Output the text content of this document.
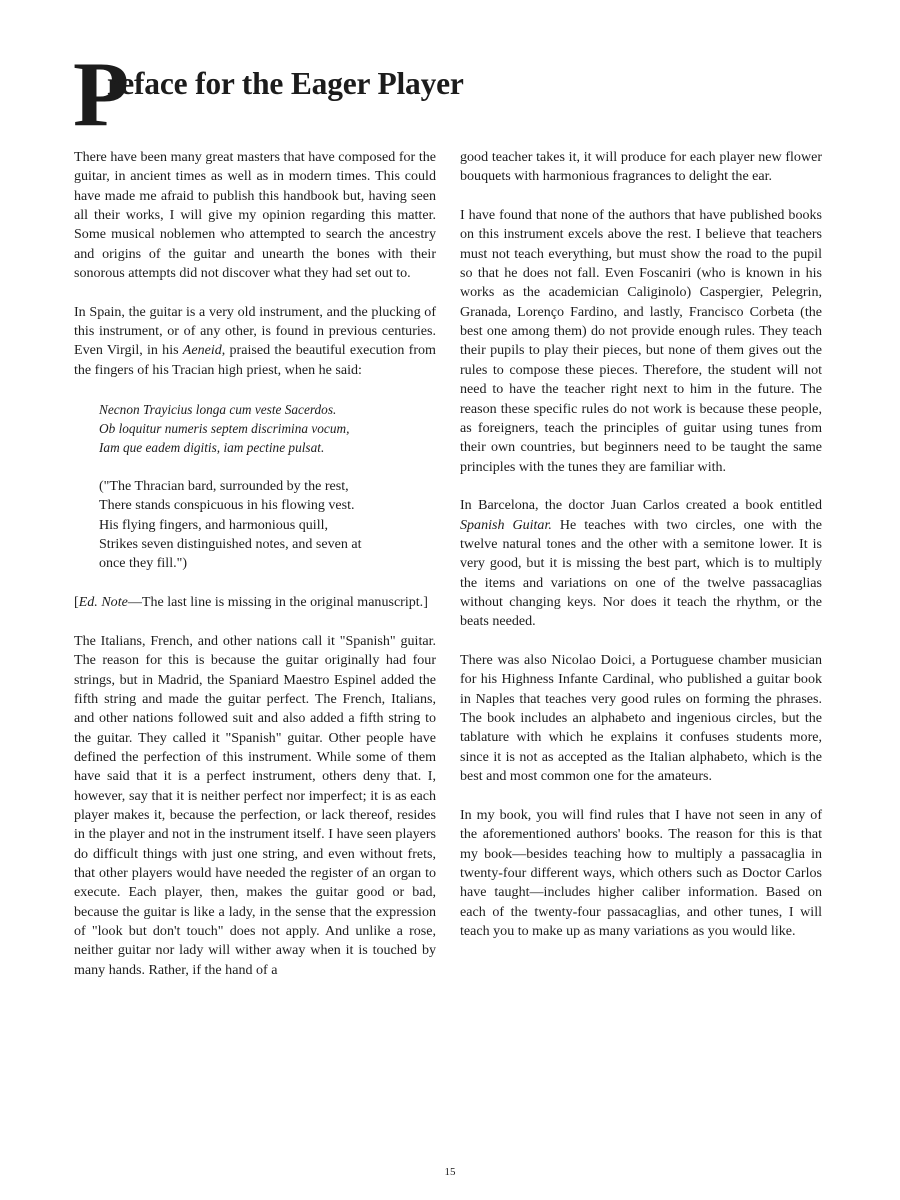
P
reface for the Eager Player

There have been many great masters that have composed for the guitar, in ancient times as well as in modern times. This could have made me afraid to publish this handbook but, having seen all their works, I will give my opinion regarding this matter. Some musical noblemen who attempted to search the ancestry and origins of the guitar and unearth the bones with their sonorous attempts did not discover what they had set out to.

In Spain, the guitar is a very old instrument, and the plucking of this instrument, or of any other, is found in previous centuries. Even Virgil, in his Aeneid, praised the beautiful execution from the fingers of his Tracian high priest, when he said:

Necnon Trayicius longa cum veste Sacerdos.
Ob loquitur numeris septem discrimina vocum,
Iam que eadem digitis, iam pectine pulsat.
("The Thracian bard, surrounded by the rest,
There stands conspicuous in his flowing vest.
His flying fingers, and harmonious quill,
Strikes seven distinguished notes, and seven at
once they fill.")

[Ed. Note—The last line is missing in the original manuscript.]

The Italians, French, and other nations call it "Spanish" guitar. The reason for this is because the guitar originally had four strings, but in Madrid, the Spaniard Maestro Espinel added the fifth string and made the guitar perfect. The French, Italians, and other nations followed suit and also added a fifth string to the guitar. They called it "Spanish" guitar. Other people have defined the perfection of this instrument. While some of them have said that it is a perfect instrument, others deny that. I, however, say that it is neither perfect nor imperfect; it is as each player makes it, because the perfection, or lack thereof, resides in the player and not in the instrument itself. I have seen players do difficult things with just one string, and even without frets, that other players would have needed the register of an organ to execute. Each player, then, makes the guitar good or bad, because the guitar is like a lady, in the sense that the expression of "look but don't touch" does not apply. And unlike a rose, neither guitar nor lady will wither away when it is touched by many hands. Rather, if the hand of a

good teacher takes it, it will produce for each player new flower bouquets with harmonious fragrances to delight the ear.

I have found that none of the authors that have published books on this instrument excels above the rest. I believe that teachers must not teach everything, but must show the road to the pupil so that he does not fall. Even Foscaniri (who is known in his works as the academician Caliginolo) Caspergier, Pelegrin, Granada, Lorenço Fardino, and lastly, Francisco Corbeta (the best one among them) do not provide enough rules. They teach their pupils to play their pieces, but none of them gives out the rules to compose these pieces. Therefore, the student will not need to have the teacher right next to him in the future. The reason these specific rules do not work is because these people, as foreigners, teach the principles of guitar using tunes from their own countries, but beginners need to be taught the same principles with the tunes they are familiar with.

In Barcelona, the doctor Juan Carlos created a book entitled Spanish Guitar. He teaches with two circles, one with the twelve natural tones and the other with a semitone lower. It is very good, but it is missing the best part, which is to multiply the items and variations on one of the twelve passacaglias without changing keys. Nor does it teach the rhythm, or the beats needed.

There was also Nicolao Doici, a Portuguese chamber musician for his Highness Infante Cardinal, who published a guitar book in Naples that teaches very good rules on forming the phrases. The book includes an alphabeto and ingenious circles, but the tablature with which he explains it confuses students more, since it is not as accepted as the Italian alphabeto, which is the best and most common one for the amateurs.

In my book, you will find rules that I have not seen in any of the aforementioned authors' books. The reason for this is that my book—besides teaching how to multiply a passacaglia in twenty-four different ways, which others such as Doctor Carlos have taught—includes higher caliber information. Based on each of the twenty-four passacaglias, and other tunes, I will teach you to make up as many variations as you would like.

15
